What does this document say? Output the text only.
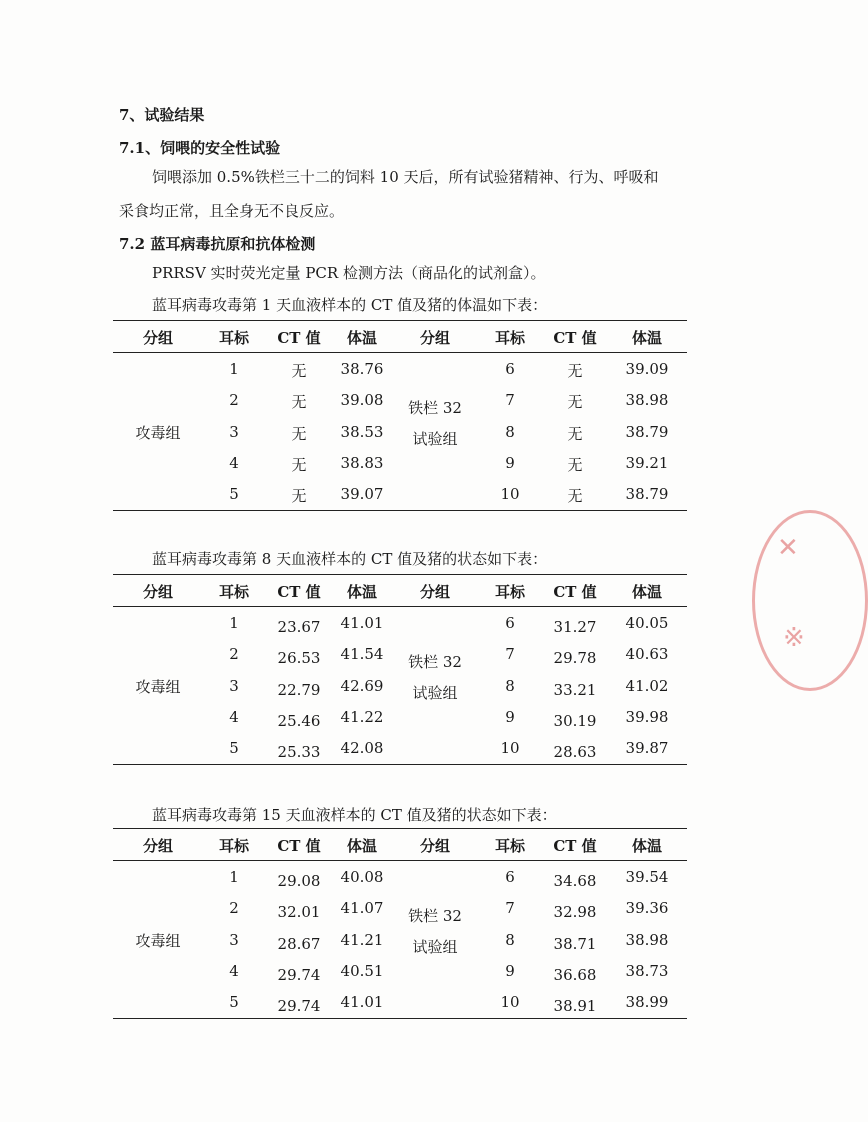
7、试验结果
7.1、饲喂的安全性试验
饲喂添加 0.5%铁栏三十二的饲料 10 天后，所有试验猪精神、行为、呼吸和
采食均正常，且全身无不良反应。
7.2 蓝耳病毒抗原和抗体检测
PRRSV 实时荧光定量 PCR 检测方法（商品化的试剂盒）。
蓝耳病毒攻毒第 1 天血液样本的 CT 值及猪的体温如下表：
分组	耳标 CT 值 体温	分组	耳标 CT 值 体温
攻毒组
铁栏 32
试验组
1	无 38.76	6	无	39.09
2	无 39.08	7	无	38.98
3	无 38.53	8	无	38.79
4	无 38.83	9	无	39.21
5	无 39.07	10	无	38.79
蓝耳病毒攻毒第 8 天血液样本的 CT 值及猪的状态如下表：
分组	耳标 CT 值 体温	分组	耳标 CT 值 体温
攻毒组
铁栏 32
试验组
1	23.67 41.01	6	31.27 40.05
2	26.53 41.54	7	29.78 40.63
3	22.79 42.69	8	33.21 41.02
4	25.46 41.22	9	30.19 39.98
5	25.33 42.08	10 28.63 39.87
蓝耳病毒攻毒第 15 天血液样本的 CT 值及猪的状态如下表：
分组	耳标 CT 值 体温	分组	耳标 CT 值 体温
攻毒组
铁栏 32
试验组
1	29.08 40.08	6	34.68 39.54
2	32.01 41.07	7	32.98 39.36
3	28.67 41.21	8	38.71 38.98
4	29.74 40.51	9	36.68 38.73
5	29.74 41.01	10 38.91 38.99
✕
※
